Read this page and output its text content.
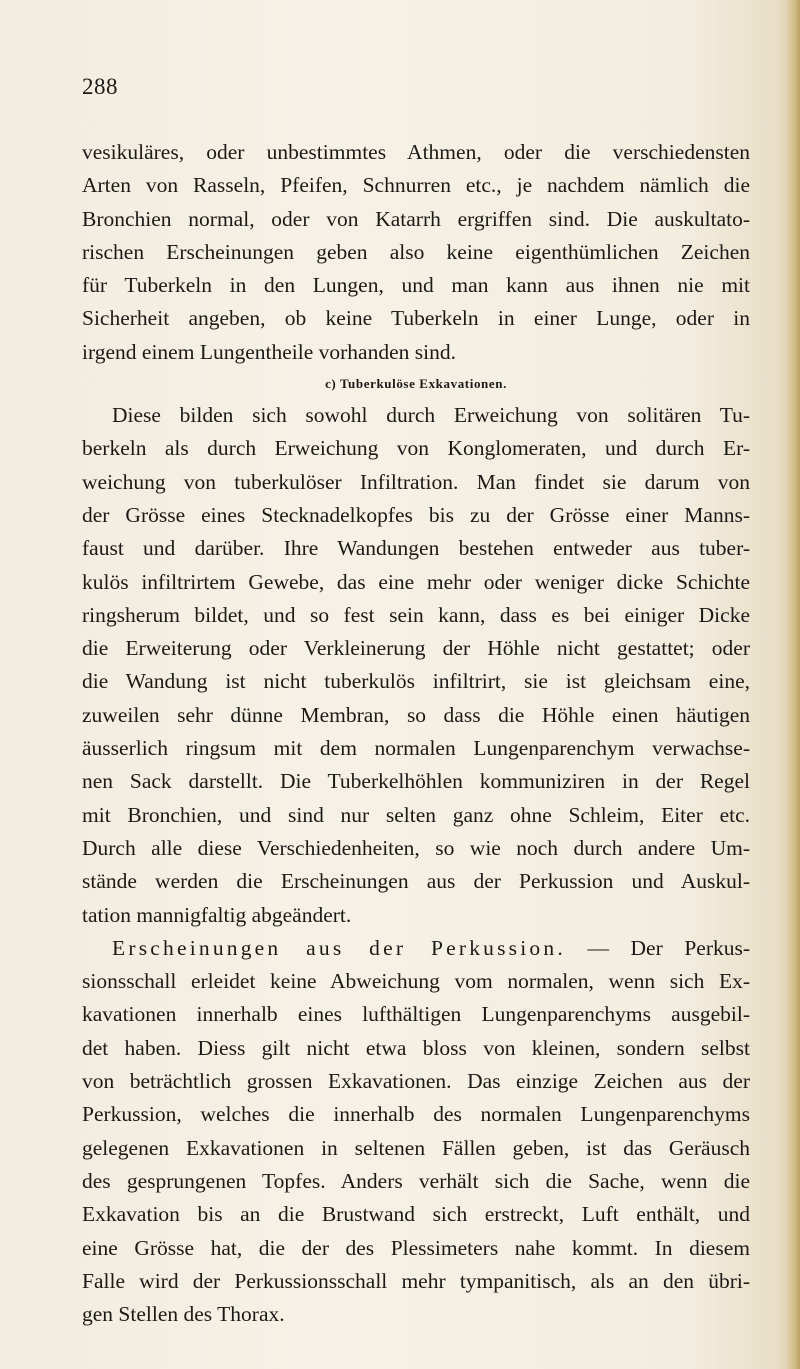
288
vesikuläres, oder unbestimmtes Athmen, oder die verschiedensten
Arten von Rasseln, Pfeifen, Schnurren etc., je nachdem nämlich die
Bronchien normal, oder von Katarrh ergriffen sind. Die auskultato-
rischen Erscheinungen geben also keine eigenthümlichen Zeichen
für Tuberkeln in den Lungen, und man kann aus ihnen nie mit
Sicherheit angeben, ob keine Tuberkeln in einer Lunge, oder in
irgend einem Lungentheile vorhanden sind.
c) Tuberkulöse Exkavationen.
Diese bilden sich sowohl durch Erweichung von solitären Tu-
berkeln als durch Erweichung von Konglomeraten, und durch Er-
weichung von tuberkulöser Infiltration. Man findet sie darum von
der Grösse eines Stecknadelkopfes bis zu der Grösse einer Manns-
faust und darüber. Ihre Wandungen bestehen entweder aus tuber-
kulös infiltrirtem Gewebe, das eine mehr oder weniger dicke Schichte
ringsherum bildet, und so fest sein kann, dass es bei einiger Dicke
die Erweiterung oder Verkleinerung der Höhle nicht gestattet; oder
die Wandung ist nicht tuberkulös infiltrirt, sie ist gleichsam eine,
zuweilen sehr dünne Membran, so dass die Höhle einen häutigen
äusserlich ringsum mit dem normalen Lungenparenchym verwachse-
nen Sack darstellt. Die Tuberkelhöhlen kommuniziren in der Regel
mit Bronchien, und sind nur selten ganz ohne Schleim, Eiter etc.
Durch alle diese Verschiedenheiten, so wie noch durch andere Um-
stände werden die Erscheinungen aus der Perkussion und Auskul-
tation mannigfaltig abgeändert.
Erscheinungen aus der Perkussion. — Der Perkus-
sionsschall erleidet keine Abweichung vom normalen, wenn sich Ex-
kavationen innerhalb eines lufthältigen Lungenparenchyms ausgebil-
det haben. Diess gilt nicht etwa bloss von kleinen, sondern selbst
von beträchtlich grossen Exkavationen. Das einzige Zeichen aus der
Perkussion, welches die innerhalb des normalen Lungenparenchyms
gelegenen Exkavationen in seltenen Fällen geben, ist das Geräusch
des gesprungenen Topfes. Anders verhält sich die Sache, wenn die
Exkavation bis an die Brustwand sich erstreckt, Luft enthält, und
eine Grösse hat, die der des Plessimeters nahe kommt. In diesem
Falle wird der Perkussionsschall mehr tympanitisch, als an den übri-
gen Stellen des Thorax.
